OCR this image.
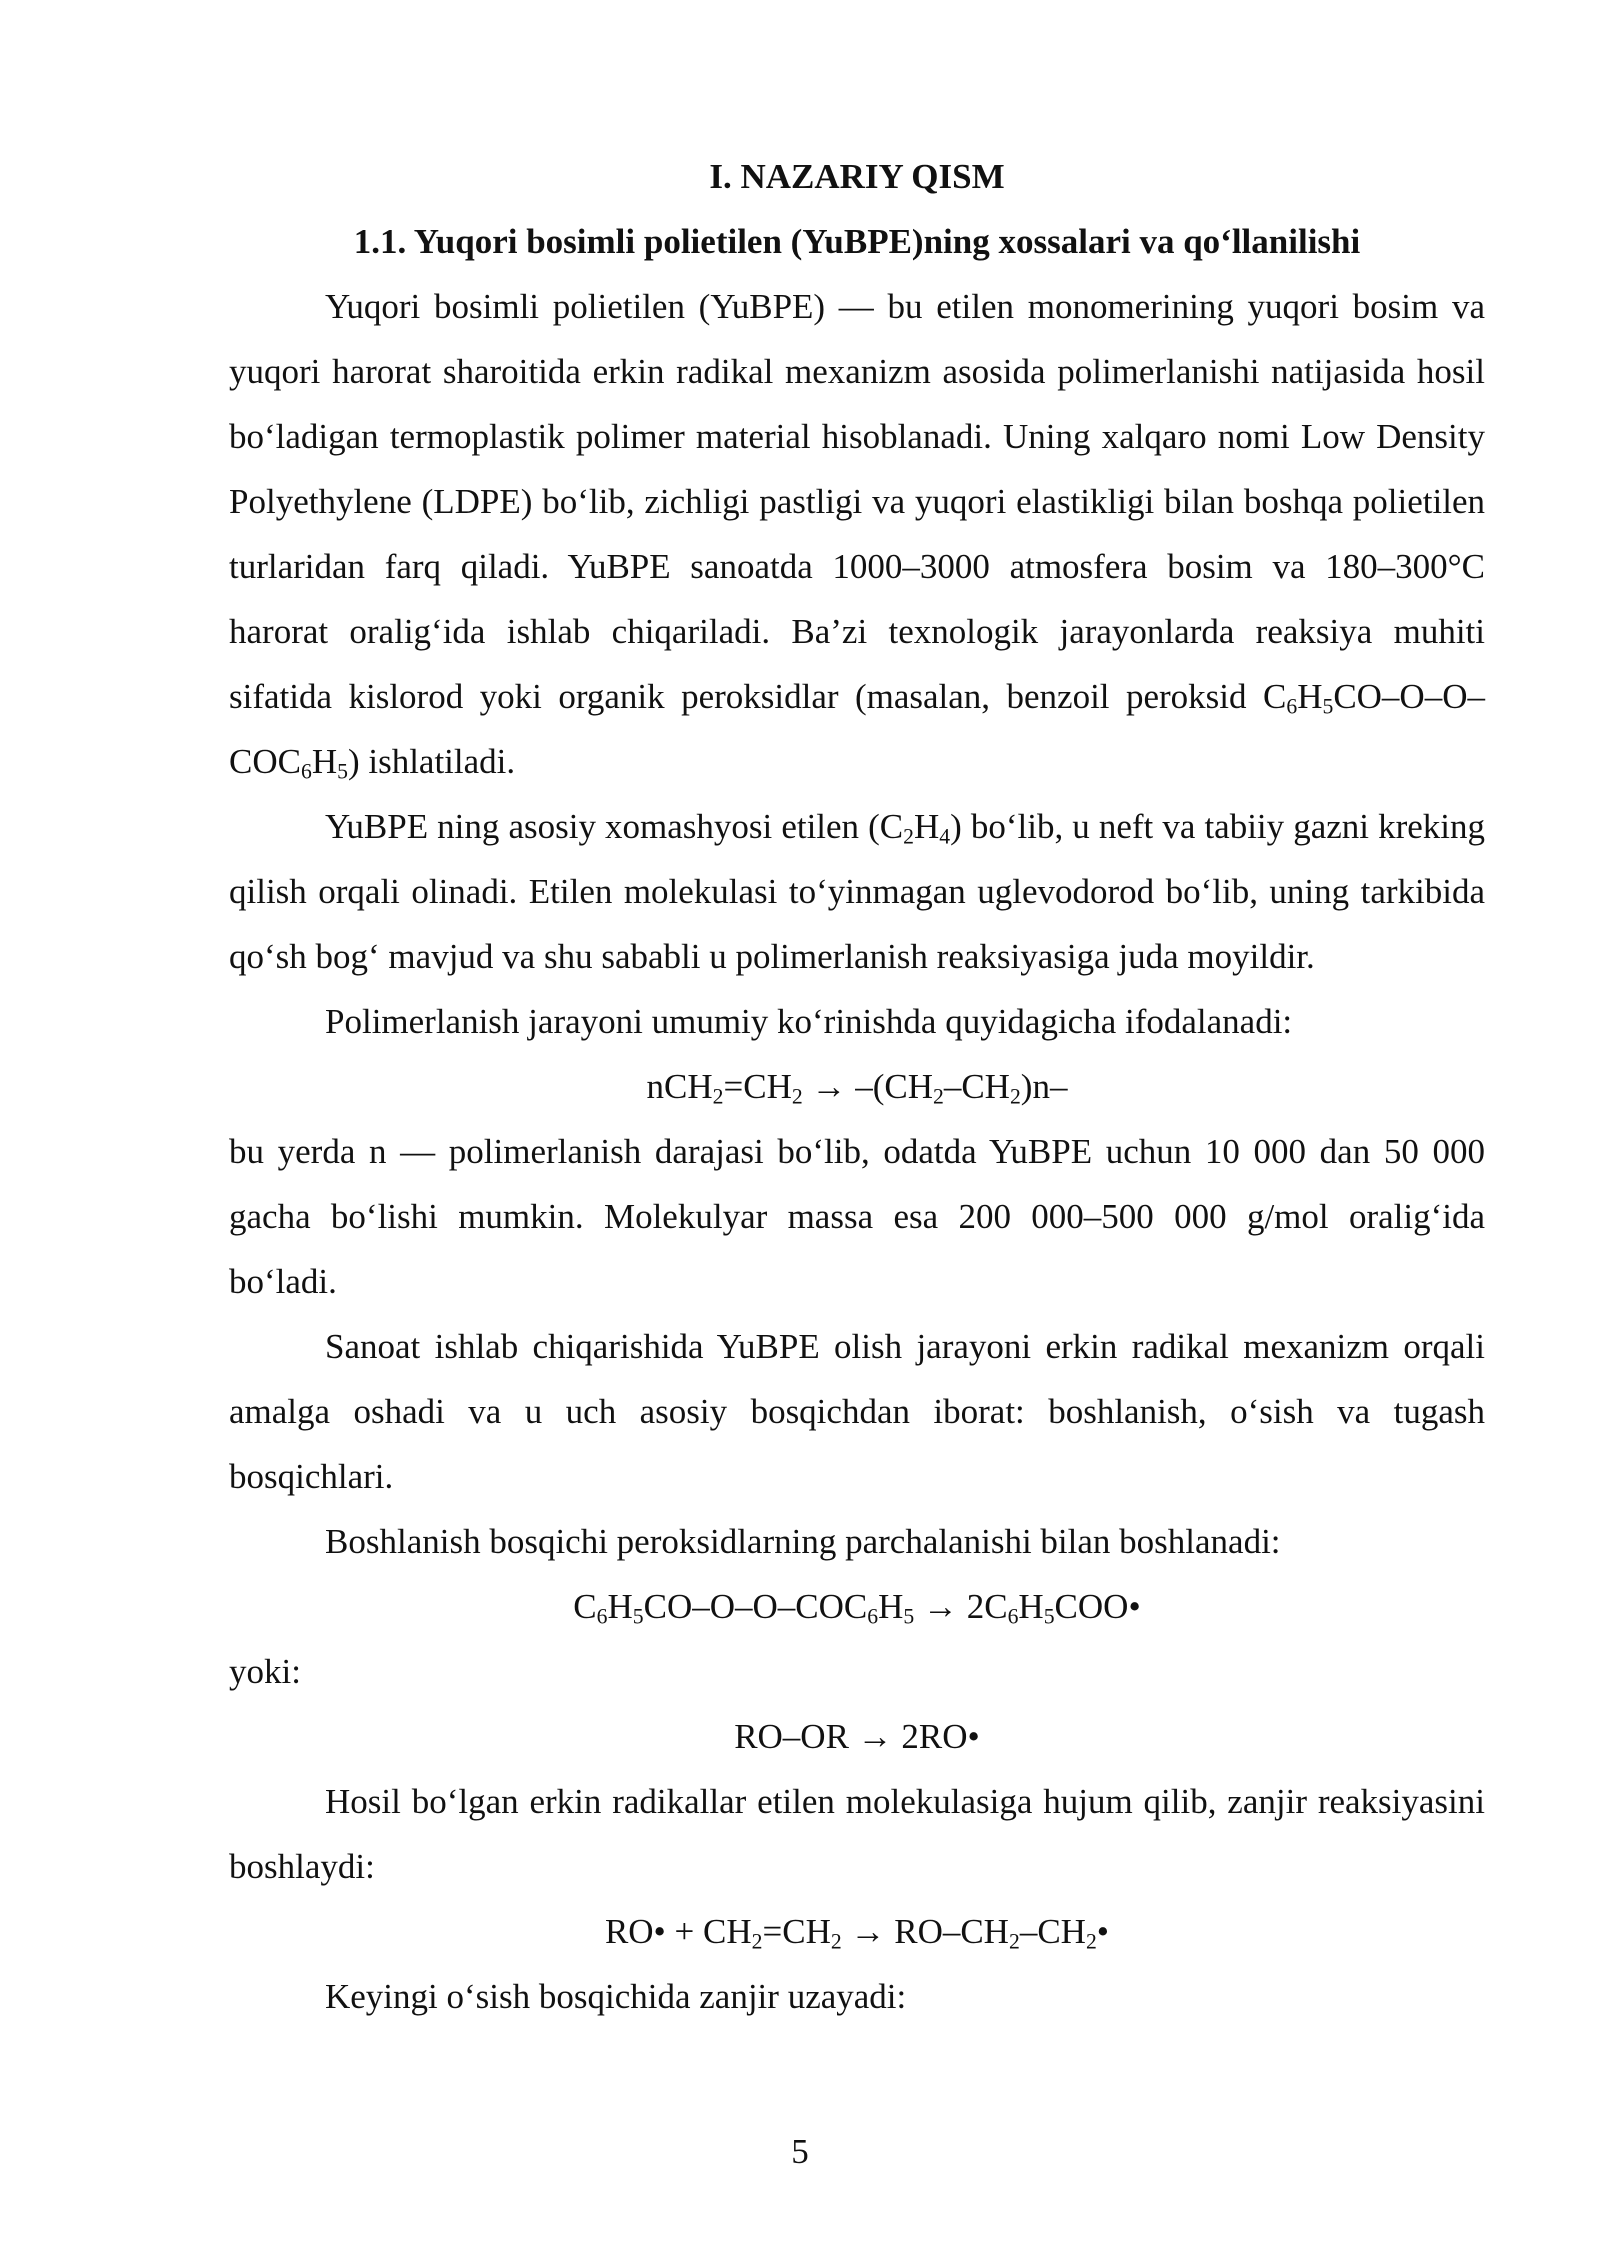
I. NAZARIY QISM

1.1. Yuqori bosimli polietilen (YuBPE)ning xossalari va qo‘llanilishi

Yuqori bosimli polietilen (YuBPE) — bu etilen monomerining yuqori bosim va yuqori harorat sharoitida erkin radikal mexanizm asosida polimerlanishi natijasida hosil bo‘ladigan termoplastik polimer material hisoblanadi. Uning xalqaro nomi Low Density Polyethylene (LDPE) bo‘lib, zichligi pastligi va yuqori elastikligi bilan boshqa polietilen turlaridan farq qiladi. YuBPE sanoatda 1000–3000 atmosfera bosim va 180–300°C harorat oralig‘ida ishlab chiqariladi. Ba’zi texnologik jarayonlarda reaksiya muhiti sifatida kislorod yoki organik peroksidlar (masalan, benzoil peroksid $C_6H_5CO-O-O-COC_6H_5$) ishlatiladi.

YuBPE ning asosiy xomashyosi etilen $(C_2H_4)$ bo‘lib, u neft va tabiiy gazni kreking qilish orqali olinadi. Etilen molekulasi to‘yinmagan uglevodorod bo‘lib, uning tarkibida qo‘sh bog‘ mavjud va shu sababli u polimerlanish reaksiyasiga juda moyildir.

Polimerlanish jarayoni umumiy ko‘rinishda quyidagicha ifodalanadi:

$nCH_2=CH_2 \to -(CH_2-CH_2)n-$

bu yerda n — polimerlanish darajasi bo‘lib, odatda YuBPE uchun 10 000 dan 50 000 gacha bo‘lishi mumkin. Molekulyar massa esa 200 000–500 000 g/mol oralig‘ida bo‘ladi.

Sanoat ishlab chiqarishida YuBPE olish jarayoni erkin radikal mexanizm orqali amalga oshadi va u uch asosiy bosqichdan iborat: boshlanish, o‘sish va tugash bosqichlari.

Boshlanish bosqichi peroksidlarning parchalanishi bilan boshlanadi:

$C_6H_5CO-O-O-COC_6H_5$ → $2C_6H_5COO•$

yoki:

RO–OR → 2RO•

Hosil bo‘lgan erkin radikallar etilen molekulasiga hujum qilib, zanjir reaksiyasini boshlaydi:

RO• + $CH_2=CH_2$ → $RO-CH_2-CH_2•$

Keyingi o‘sish bosqichida zanjir uzayadi:

5
